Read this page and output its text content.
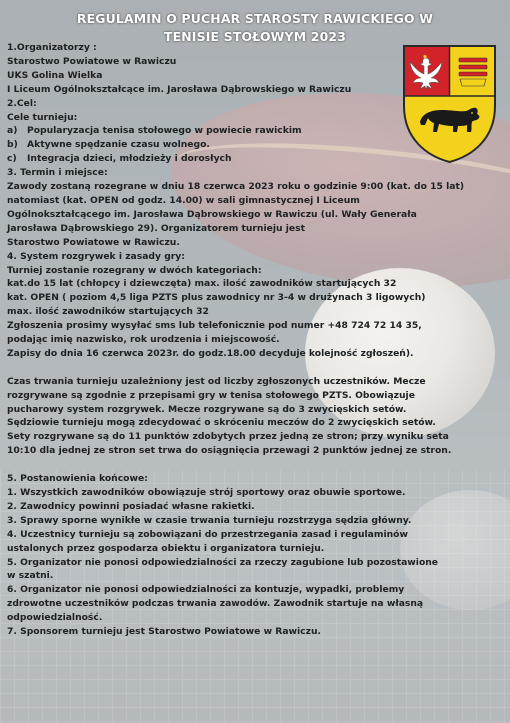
REGULAMIN O PUCHAR STAROSTY RAWICKIEGO W
TENISIE STOŁOWYM 2023

1.Organizatorzy :

Starostwo Powiatowe w Rawiczu

UKS Golina Wielka

I Liceum Ogólnokształcące im. Jarosława Dąbrowskiego w Rawiczu

2.Cel:

Cele turnieju:

a)	Popularyzacja tenisa stołowego w powiecie rawickim
b)	Aktywne spędzanie czasu wolnego.
c)	Integracja dzieci, młodzieży i dorosłych

3. Termin i miejsce:

Zawody zostaną rozegrane w dniu 18 czerwca 2023 roku o godzinie 9:00 (kat. do 15 lat)

natomiast (kat. OPEN od godz. 14.00) w sali gimnastycznej I Liceum

Ogólnokształcącego im. Jarosława Dąbrowskiego w Rawiczu (ul. Wały Generała

Jarosława Dąbrowskiego 29). Organizatorem turnieju jest

Starostwo Powiatowe w Rawiczu.

4. System rozgrywek i zasady gry:

Turniej zostanie rozegrany w dwóch kategoriach:

kat.do 15 lat (chłopcy i dziewczęta) max. ilość zawodników startujących 32

kat. OPEN ( poziom 4,5 liga PZTS plus zawodnicy nr 3-4 w drużynach 3 ligowych)

max. ilość zawodników startujących 32

Zgłoszenia prosimy wysyłać sms lub telefonicznie pod numer +48 724 72 14 35,

podając imię nazwisko, rok urodzenia i miejscowość.

Zapisy do dnia 16 czerwca 2023r. do godz.18.00 decyduje kolejność zgłoszeń).

Czas trwania turnieju uzależniony jest od liczby zgłoszonych uczestników. Mecze

rozgrywane są zgodnie z przepisami gry w tenisa stołowego PZTS. Obowiązuje

pucharowy system rozgrywek. Mecze rozgrywane są do 3 zwycięskich setów.

Sędziowie turnieju mogą zdecydować o skróceniu meczów do 2 zwycięskich setów.

Sety rozgrywane są do 11 punktów zdobytych przez jedną ze stron; przy wyniku seta

10:10 dla jednej ze stron set trwa do osiągnięcia przewagi 2 punktów jednej ze stron.

5. Postanowienia końcowe:

1. Wszystkich zawodników obowiązuje strój sportowy oraz obuwie sportowe.

2. Zawodnicy powinni posiadać własne rakietki.

3. Sprawy sporne wynikłe w czasie trwania turnieju rozstrzyga sędzia główny.

4. Uczestnicy turnieju są zobowiązani do przestrzegania zasad i regulaminów

ustalonych przez gospodarza obiektu i organizatora turnieju.

5. Organizator nie ponosi odpowiedzialności za rzeczy zagubione lub pozostawione

w szatni.

6. Organizator nie ponosi odpowiedzialności za kontuzje, wypadki, problemy

zdrowotne uczestników podczas trwania zawodów. Zawodnik startuje na własną

odpowiedzialność.

7. Sponsorem turnieju jest Starostwo Powiatowe w Rawiczu.
